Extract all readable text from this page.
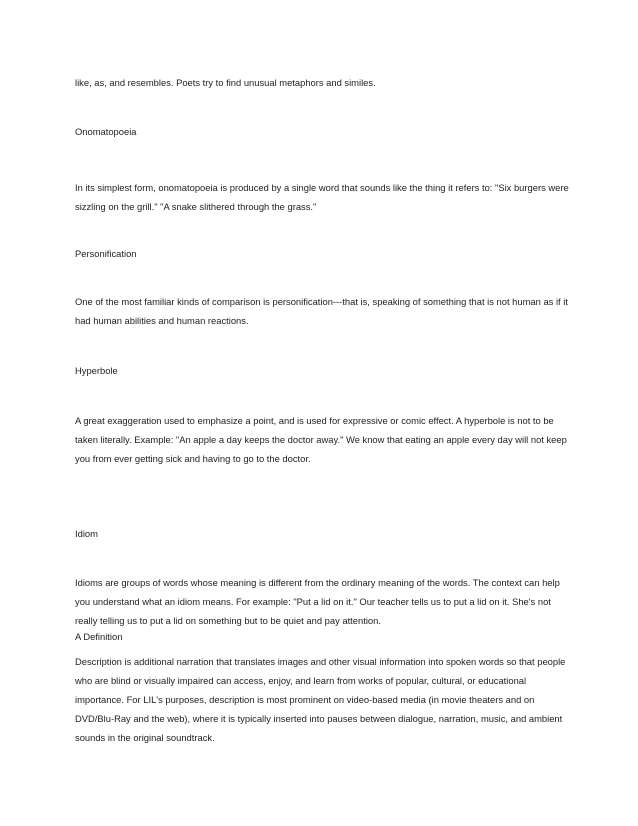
like, as, and resembles. Poets try to find unusual metaphors and similes.

Onomatopoeia

In its simplest form, onomatopoeia is produced by a single word that sounds like the thing it refers to: "Six burgers were sizzling on the grill." "A snake slithered through the grass."

Personification

One of the most familiar kinds of comparison is personification---that is, speaking of something that is not human as if it had human abilities and human reactions.

Hyperbole

A great exaggeration used to emphasize a point, and is used for expressive or comic effect. A hyperbole is not to be taken literally. Example: "An apple a day keeps the doctor away." We know that eating an apple every day will not keep you from ever getting sick and having to go to the doctor.

Idiom

Idioms are groups of words whose meaning is different from the ordinary meaning of the words. The context can help you understand what an idiom means. For example: "Put a lid on it." Our teacher tells us to put a lid on it. She's not really telling us to put a lid on something but to be quiet and pay attention.

A Definition

Description is additional narration that translates images and other visual information into spoken words so that people who are blind or visually impaired can access, enjoy, and learn from works of popular, cultural, or educational importance. For LIL's purposes, description is most prominent on video-based media (in movie theaters and on DVD/Blu-Ray and the web), where it is typically inserted into pauses between dialogue, narration, music, and ambient sounds in the original soundtrack.
